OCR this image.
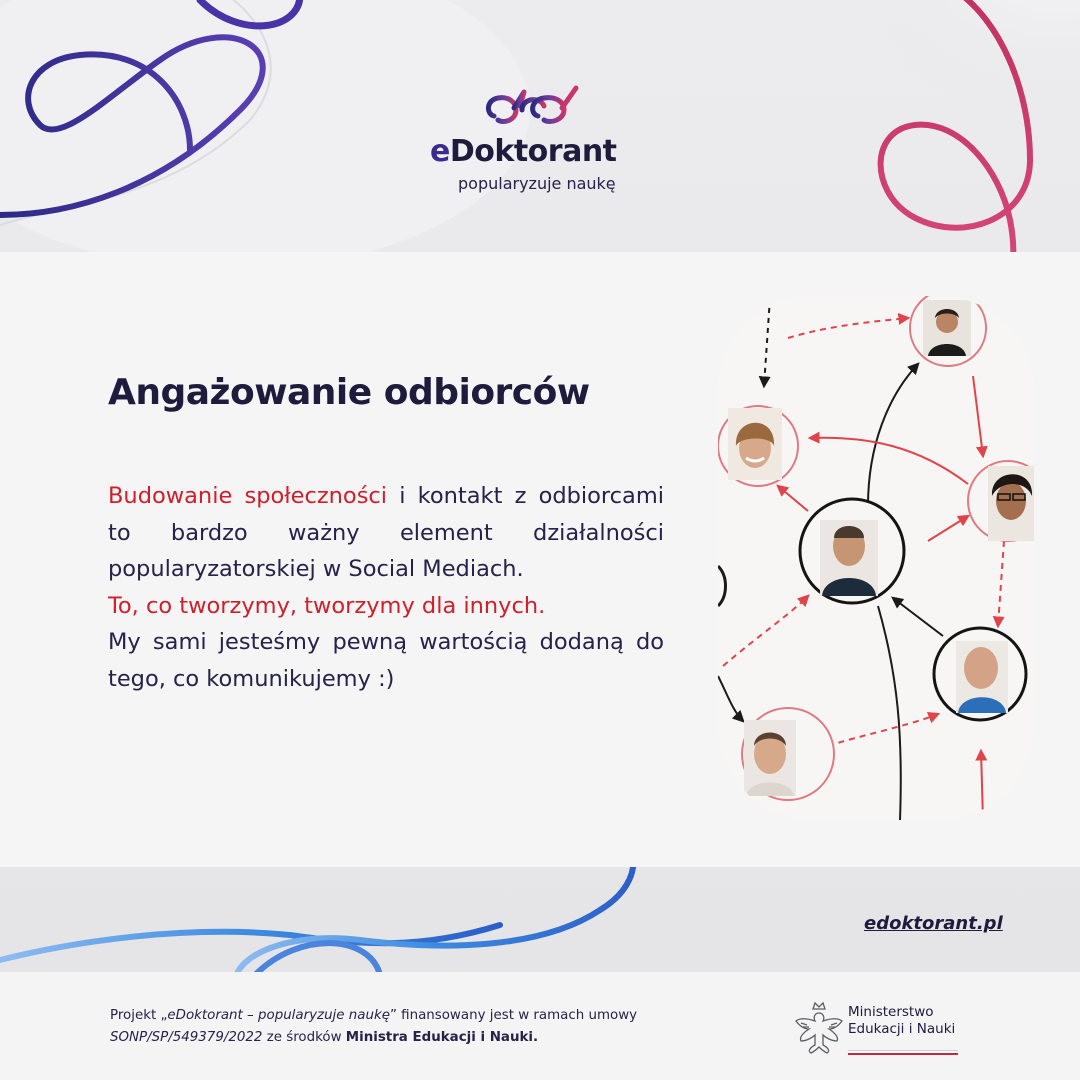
eDoktorant
popularyzuje naukę
Angażowanie odbiorców

Budowanie społeczności i kontakt z odbiorcami to bardzo ważny element działalności popularyzatorskiej w Social Mediach.

To, co tworzymy, tworzymy dla innych.

My sami jesteśmy pewną wartością dodaną do tego, co komunikujemy :)

edoktorant.pl
Projekt „eDoktorant – popularyzuje naukę” finansowany jest w ramach umowy SONP/SP/549379/2022 ze środków Ministra Edukacji i Nauki.
Ministerstwo
Edukacji i Nauki
